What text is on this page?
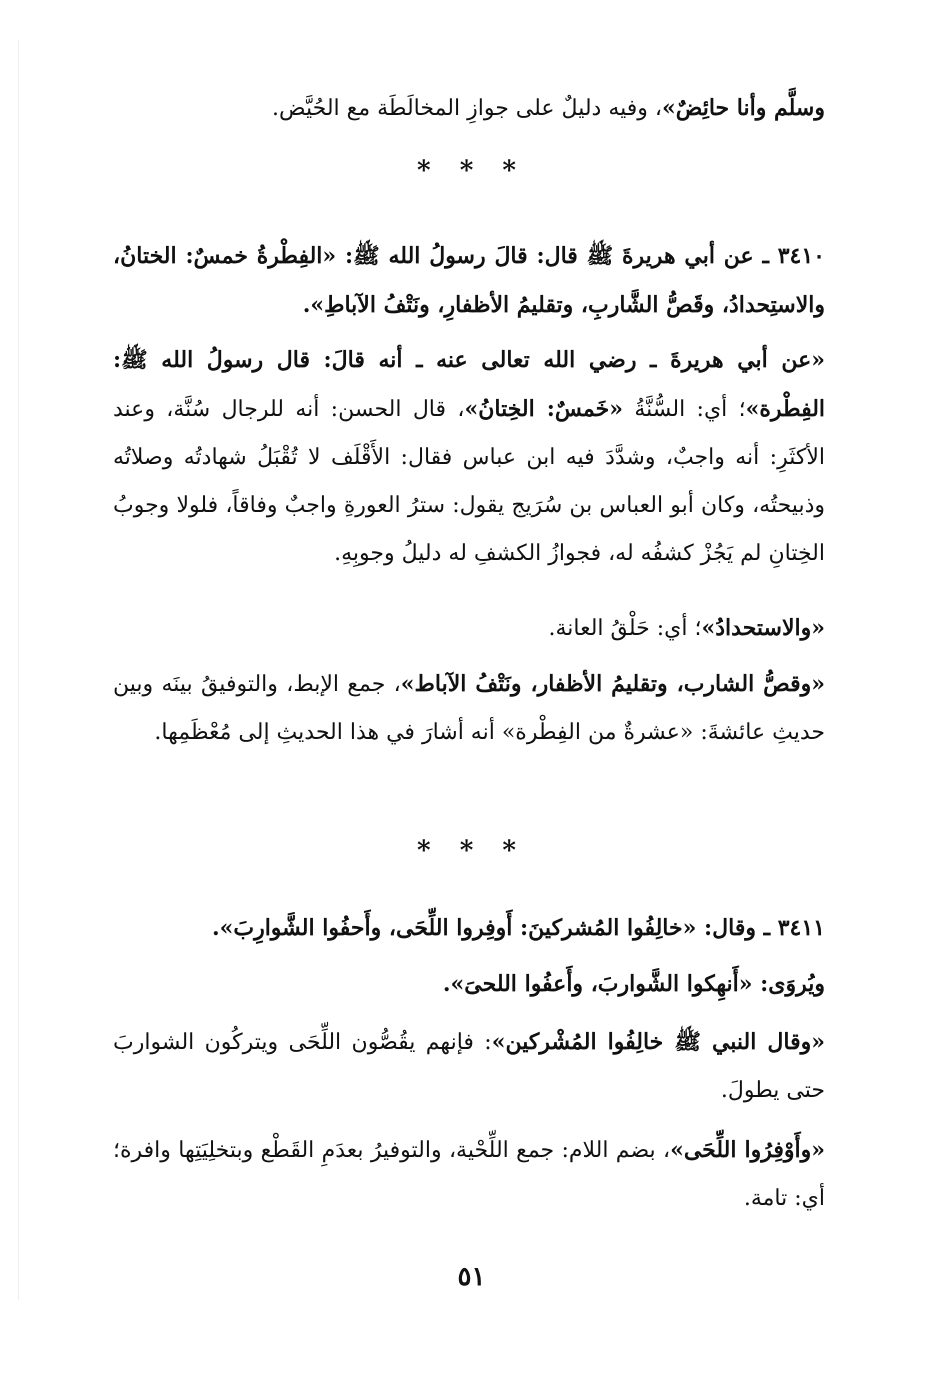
وسلَّم وأنا حائِضٌ»، وفيه دليلٌ على جوازِ المخالَطَة مع الحُيَّض.

* * *

٣٤١٠ ـ عن أبي هريرةَ ﷺ قال: قالَ رسولُ الله ﷺ: «الفِطْرةُ خمسٌ: الختانُ، والاستِحدادُ، وقَصُّ الشَّاربِ، وتقليمُ الأظفارِ، ونَتْفُ الآباطِ».

«عن أبي هريرةَ ـ رضي الله تعالى عنه ـ أنه قالَ: قال رسولُ الله ﷺ: الفِطْرة»؛ أي: السُّنَّةُ «خَمسٌ: الخِتانُ»، قال الحسن: أنه للرجال سُنَّة، وعند الأكثَرِ: أنه واجبٌ، وشدَّدَ فيه ابن عباس فقال: الأَقْلَف لا تُقْبَلُ شهادتُه وصلاتُه وذبيحتُه، وكان أبو العباس بن سُرَيج يقول: سترُ العورةِ واجبٌ وفاقاً، فلولا وجوبُ الخِتانِ لم يَجُزْ كشفُه له، فجوازُ الكشفِ له دليلُ وجوبِهِ.

«والاستحدادُ»؛ أي: حَلْقُ العانة.

«وقصُّ الشارب، وتقليمُ الأظفار، ونَتْفُ الآباط»، جمع الإبط، والتوفيقُ بينَه وبين حديثِ عائشةَ: «عشرةٌ من الفِطْرة» أنه أشارَ في هذا الحديثِ إلى مُعْظَمِها.

* * *

٣٤١١ ـ وقال: «خالِفُوا المُشركينَ: أَوفِروا اللِّحَى، وأَحفُوا الشَّوارِبَ».

ويُروَى: «أَنهِكوا الشَّواربَ، وأَعفُوا اللحىَ».

«وقال النبي ﷺ خالِفُوا المُشْركين»: فإنهم يقُصُّون اللِّحَى ويتركُون الشواربَ حتى يطولَ.

«وأَوْفِرُوا اللِّحَى»، بضم اللام: جمع اللِّحْية، والتوفيرُ بعدَمِ القَطْع وبتخلِيَتِها وافرة؛ أي: تامة.

٥١
